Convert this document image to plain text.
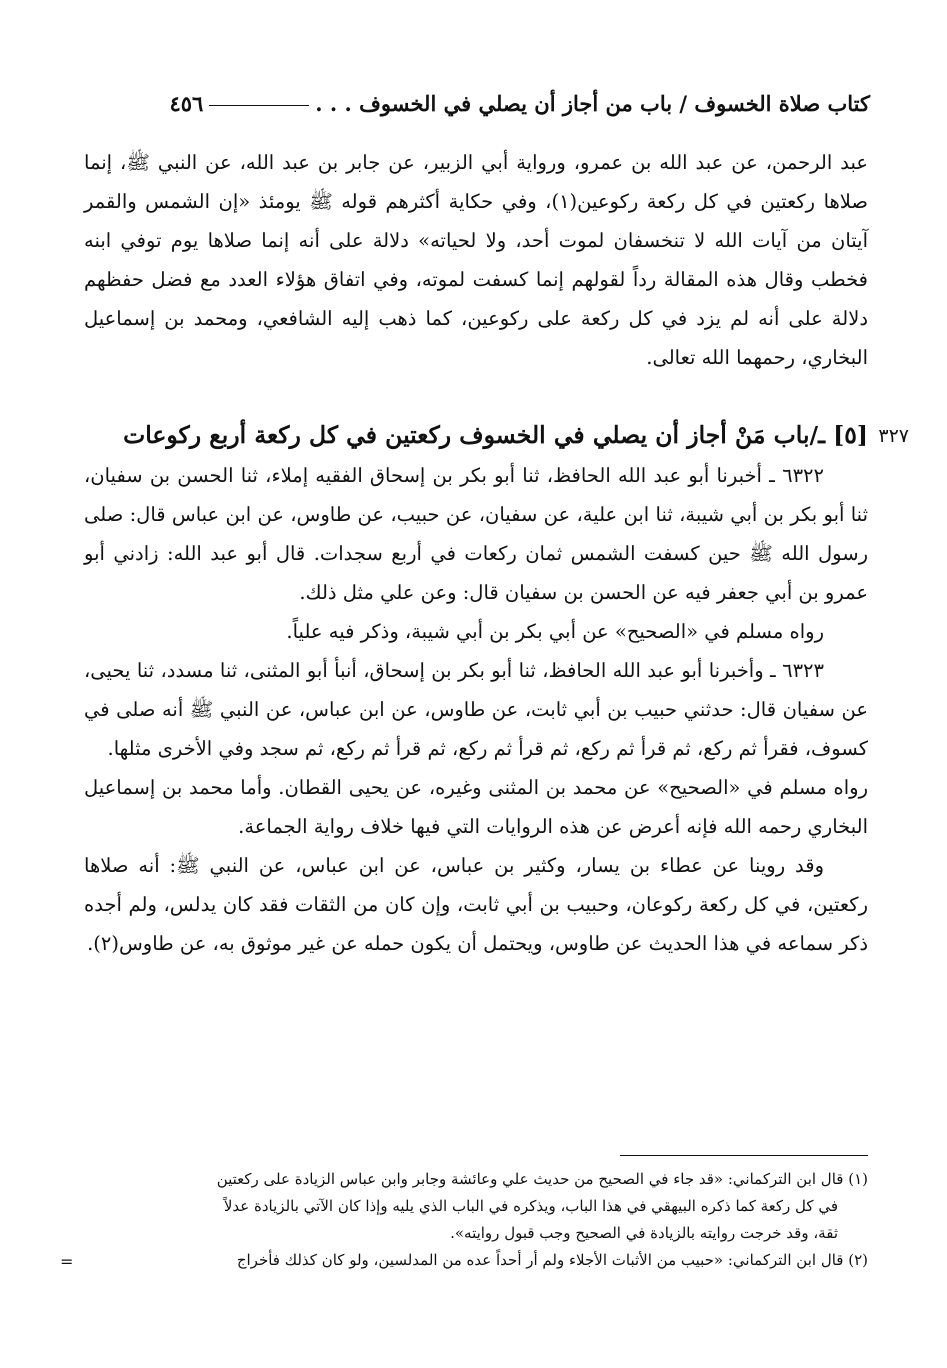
كتاب صلاة الخسوف / باب من أجاز أن يصلي في الخسوف . . .
٤٥٦

عبد الرحمن، عن عبد الله بن عمرو، ورواية أبي الزبير، عن جابر بن عبد الله، عن النبي ﷺ، إنما صلاها ركعتين في كل ركعة ركوعين(١)، وفي حكاية أكثرهم قوله ﷺ يومئذ «إن الشمس والقمر آيتان من آيات الله لا تنخسفان لموت أحد، ولا لحياته» دلالة على أنه إنما صلاها يوم توفي ابنه فخطب وقال هذه المقالة رداً لقولهم إنما كسفت لموته، وفي اتفاق هؤلاء العدد مع فضل حفظهم دلالة على أنه لم يزد في كل ركعة على ركوعين، كما ذهب إليه الشافعي، ومحمد بن إسماعيل البخاري، رحمهما الله تعالى.

٣٢٧
[٥] ـ/باب مَنْ أجاز أن يصلي في الخسوف ركعتين في كل ركعة أربع ركوعات

٦٣٢٢ ـ أخبرنا أبو عبد الله الحافظ، ثنا أبو بكر بن إسحاق الفقيه إملاء، ثنا الحسن بن سفيان، ثنا أبو بكر بن أبي شيبة، ثنا ابن علية، عن سفيان، عن حبيب، عن طاوس، عن ابن عباس قال: صلى رسول الله ﷺ حين كسفت الشمس ثمان ركعات في أربع سجدات. قال أبو عبد الله: زادني أبو عمرو بن أبي جعفر فيه عن الحسن بن سفيان قال: وعن علي مثل ذلك.

رواه مسلم في «الصحيح» عن أبي بكر بن أبي شيبة، وذكر فيه علياً.

٦٣٢٣ ـ وأخبرنا أبو عبد الله الحافظ، ثنا أبو بكر بن إسحاق، أنبأ أبو المثنى، ثنا مسدد، ثنا يحيى، عن سفيان قال: حدثني حبيب بن أبي ثابت، عن طاوس، عن ابن عباس، عن النبي ﷺ أنه صلى في كسوف، فقرأ ثم ركع، ثم قرأ ثم ركع، ثم قرأ ثم ركع، ثم قرأ ثم ركع، ثم سجد وفي الأخرى مثلها.

رواه مسلم في «الصحيح» عن محمد بن المثنى وغيره، عن يحيى القطان. وأما محمد بن إسماعيل البخاري رحمه الله فإنه أعرض عن هذه الروايات التي فيها خلاف رواية الجماعة.

وقد روينا عن عطاء بن يسار، وكثير بن عباس، عن ابن عباس، عن النبي ﷺ: أنه صلاها ركعتين، في كل ركعة ركوعان، وحبيب بن أبي ثابت، وإن كان من الثقات فقد كان يدلس، ولم أجده ذكر سماعه في هذا الحديث عن طاوس، ويحتمل أن يكون حمله عن غير موثوق به، عن طاوس(٢).

(١) قال ابن التركماني: «قد جاء في الصحيح من حديث علي وعائشة وجابر وابن عباس الزيادة على ركعتين

في كل ركعة كما ذكره البيهقي في هذا الباب، ويذكره في الباب الذي يليه وإذا كان الآتي بالزيادة عدلاً

ثقة، وقد خرجت روايته بالزيادة في الصحيح وجب قبول روايته».

(٢) قال ابن التركماني: «حبيب من الأثبات الأجلاء ولم أر أحداً عده من المدلسين، ولو كان كذلك فأخراج

=
